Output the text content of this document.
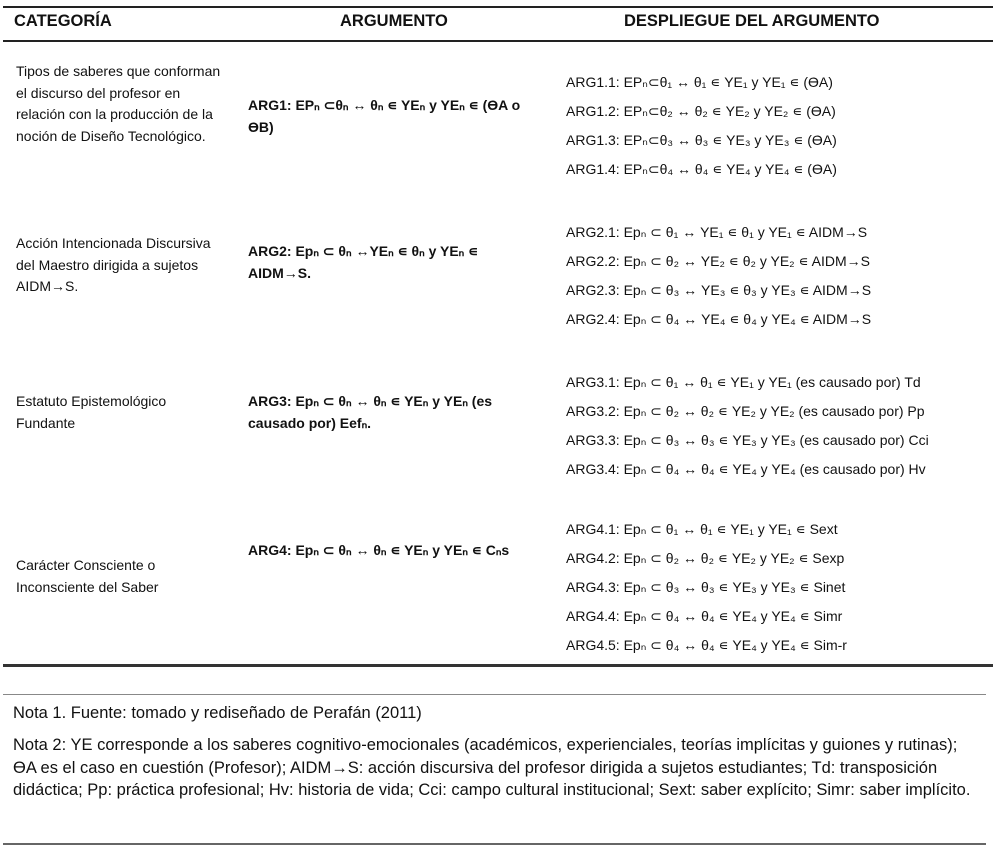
CATEGORÍA	ARGUMENTO	DESPLIEGUE DEL ARGUMENTO
Tipos de saberes que conforman el discurso del profesor en relación con la producción de la noción de Diseño Tecnológico.
ARG1: EPₙ ⊂θₙ ↔ θₙ ∊ YEₙ y YEₙ ∊ (ϴA o ϴB)
ARG1.1: EPₙ⊂θ₁ ↔ θ₁ ∊ YE₁ y YE₁ ∊ (ϴA)
ARG1.2: EPₙ⊂θ₂ ↔ θ₂ ∊ YE₂ y YE₂ ∊ (ϴA)
ARG1.3: EPₙ⊂θ₃ ↔ θ₃ ∊ YE₃ y YE₃ ∊ (ϴA)
ARG1.4: EPₙ⊂θ₄ ↔ θ₄ ∊ YE₄ y YE₄ ∊ (ϴA)
Acción Intencionada Discursiva del Maestro dirigida a sujetos AIDM→S.
ARG2: Epₙ ⊂ θₙ ↔YEₙ ∊ θₙ y YEₙ ∊ AIDM→S.
ARG2.1: Epₙ ⊂ θ₁ ↔ YE₁ ∊ θ₁ y YE₁ ∊ AIDM→S
ARG2.2: Epₙ ⊂ θ₂ ↔ YE₂ ∊ θ₂ y YE₂ ∊ AIDM→S
ARG2.3: Epₙ ⊂ θ₃ ↔ YE₃ ∊ θ₃ y YE₃ ∊ AIDM→S
ARG2.4: Epₙ ⊂ θ₄ ↔ YE₄ ∊ θ₄ y YE₄ ∊ AIDM→S
Estatuto Epistemológico Fundante
ARG3: Epₙ ⊂ θₙ ↔ θₙ ∊ YEₙ y YEₙ (es causado por) Eefₙ.
ARG3.1: Epₙ ⊂ θ₁ ↔ θ₁ ∊ YE₁ y YE₁ (es causado por) Td
ARG3.2: Epₙ ⊂ θ₂ ↔ θ₂ ∊ YE₂ y YE₂ (es causado por) Pp
ARG3.3: Epₙ ⊂ θ₃ ↔ θ₃ ∊ YE₃ y YE₃ (es causado por) Cci
ARG3.4: Epₙ ⊂ θ₄ ↔ θ₄ ∊ YE₄ y YE₄ (es causado por) Hv
Carácter Consciente o Inconsciente del Saber
ARG4: Epₙ ⊂ θₙ ↔ θₙ ∊ YEₙ y YEₙ ∊ Cₙs
ARG4.1: Epₙ ⊂ θ₁ ↔ θ₁ ∊ YE₁ y YE₁ ∊ Sext
ARG4.2: Epₙ ⊂ θ₂ ↔ θ₂ ∊ YE₂ y YE₂ ∊ Sexp
ARG4.3: Epₙ ⊂ θ₃ ↔ θ₃ ∊ YE₃ y YE₃ ∊ Sinet
ARG4.4: Epₙ ⊂ θ₄ ↔ θ₄ ∊ YE₄ y YE₄ ∊ Simr
ARG4.5: Epₙ ⊂ θ₄ ↔ θ₄ ∊ YE₄ y YE₄ ∊ Sim-r
Nota 1. Fuente: tomado y rediseñado de Perafán (2011)
Nota 2: YE corresponde a los saberes cognitivo-emocionales (académicos, experienciales, teorías implícitas y guiones y rutinas); ϴA es el caso en cuestión (Profesor); AIDM→S: acción discursiva del profesor dirigida a sujetos estudiantes; Td: transposición didáctica; Pp: práctica profesional; Hv: historia de vida; Cci: campo cultural institucional; Sext: saber explícito; Simr: saber implícito.
